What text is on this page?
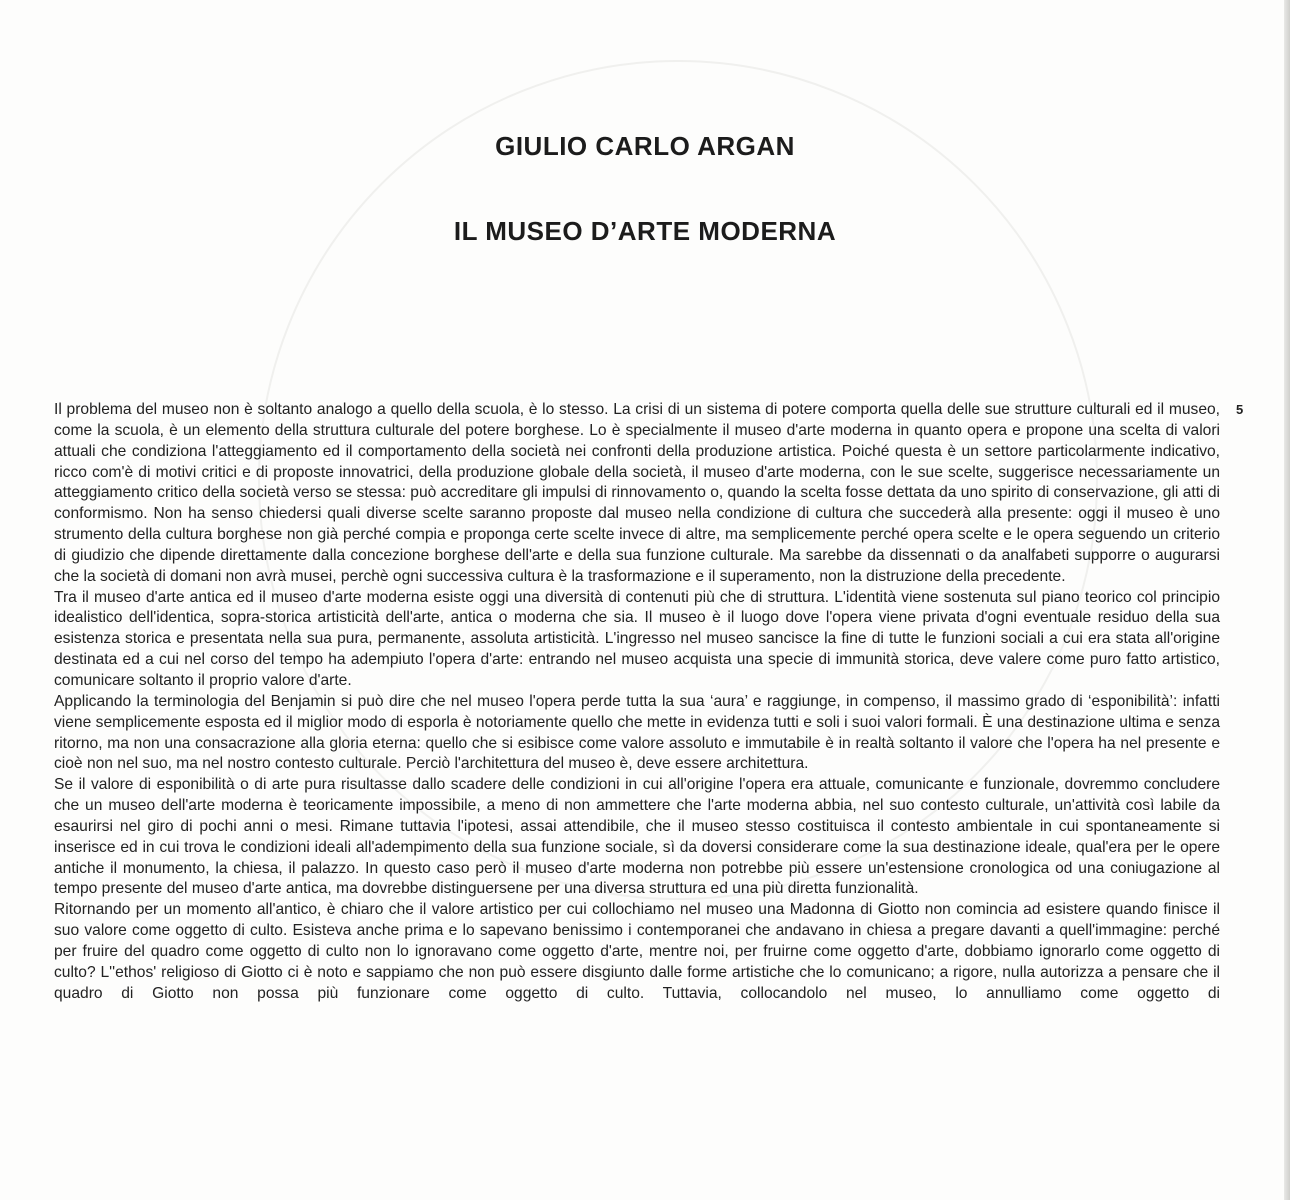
GIULIO CARLO ARGAN
IL MUSEO D’ARTE MODERNA
5

Il problema del museo non è soltanto analogo a quello della scuola, è lo stesso. La crisi di un sistema di potere comporta quella delle sue strutture culturali ed il museo, come la scuola, è un elemento della struttura culturale del potere borghese. Lo è specialmente il museo d'arte moderna in quanto opera e propone una scelta di valori attuali che condiziona l'atteggiamento ed il comportamento della società nei confronti della produzione artistica. Poiché questa è un settore particolarmente indicativo, ricco com'è di motivi critici e di proposte innovatrici, della produzione globale della società, il museo d'arte moderna, con le sue scelte, suggerisce necessariamente un atteggiamento critico della società verso se stessa: può accreditare gli impulsi di rinnovamento o, quando la scelta fosse dettata da uno spirito di conservazione, gli atti di conformismo. Non ha senso chiedersi quali diverse scelte saranno proposte dal museo nella condizione di cultura che succederà alla presente: oggi il museo è uno strumento della cultura borghese non già perché compia e proponga certe scelte invece di altre, ma semplicemente perché opera scelte e le opera seguendo un criterio di giudizio che dipende direttamente dalla concezione borghese dell'arte e della sua funzione culturale. Ma sarebbe da dissennati o da analfabeti supporre o augurarsi che la società di domani non avrà musei, perchè ogni successiva cultura è la trasformazione e il superamento, non la distruzione della precedente.

Tra il museo d'arte antica ed il museo d'arte moderna esiste oggi una diversità di contenuti più che di struttura. L'identità viene sostenuta sul piano teorico col principio idealistico dell'identica, sopra-storica artisticità dell'arte, antica o moderna che sia. Il museo è il luogo dove l'opera viene privata d'ogni eventuale residuo della sua esistenza storica e presentata nella sua pura, permanente, assoluta artisticità. L'ingresso nel museo sancisce la fine di tutte le funzioni sociali a cui era stata all'origine destinata ed a cui nel corso del tempo ha adempiuto l'opera d'arte: entrando nel museo acquista una specie di immunità storica, deve valere come puro fatto artistico, comunicare soltanto il proprio valore d'arte.

Applicando la terminologia del Benjamin si può dire che nel museo l'opera perde tutta la sua ‘aura’ e raggiunge, in compenso, il massimo grado di ‘esponibilità’: infatti viene semplicemente esposta ed il miglior modo di esporla è notoriamente quello che mette in evidenza tutti e soli i suoi valori formali. È una destinazione ultima e senza ritorno, ma non una consacrazione alla gloria eterna: quello che si esibisce come valore assoluto e immutabile è in realtà soltanto il valore che l'opera ha nel presente e cioè non nel suo, ma nel nostro contesto culturale. Perciò l'architettura del museo è, deve essere architettura.

Se il valore di esponibilità o di arte pura risultasse dallo scadere delle condizioni in cui all'origine l'opera era attuale, comunicante e funzionale, dovremmo concludere che un museo dell'arte moderna è teoricamente impossibile, a meno di non ammettere che l'arte moderna abbia, nel suo contesto culturale, un'attività così labile da esaurirsi nel giro di pochi anni o mesi. Rimane tuttavia l'ipotesi, assai attendibile, che il museo stesso costituisca il contesto ambientale in cui spontaneamente si inserisce ed in cui trova le condizioni ideali all'adempimento della sua funzione sociale, sì da doversi considerare come la sua destinazione ideale, qual'era per le opere antiche il monumento, la chiesa, il palazzo. In questo caso però il museo d'arte moderna non potrebbe più essere un'estensione cronologica od una coniugazione al tempo presente del museo d'arte antica, ma dovrebbe distinguersene per una diversa struttura ed una più diretta funzionalità.

Ritornando per un momento all'antico, è chiaro che il valore artistico per cui collochiamo nel museo una Madonna di Giotto non comincia ad esistere quando finisce il suo valore come oggetto di culto. Esisteva anche prima e lo sapevano benissimo i contemporanei che andavano in chiesa a pregare davanti a quell'immagine: perché per fruire del quadro come oggetto di culto non lo ignoravano come oggetto d'arte, mentre noi, per fruirne come oggetto d'arte, dobbiamo ignorarlo come oggetto di culto? L''ethos' religioso di Giotto ci è noto e sappiamo che non può essere disgiunto dalle forme artistiche che lo comunicano; a rigore, nulla autorizza a pensare che il quadro di Giotto non possa più funzionare come oggetto di culto. Tuttavia, collocandolo nel museo, lo annulliamo come oggetto di
